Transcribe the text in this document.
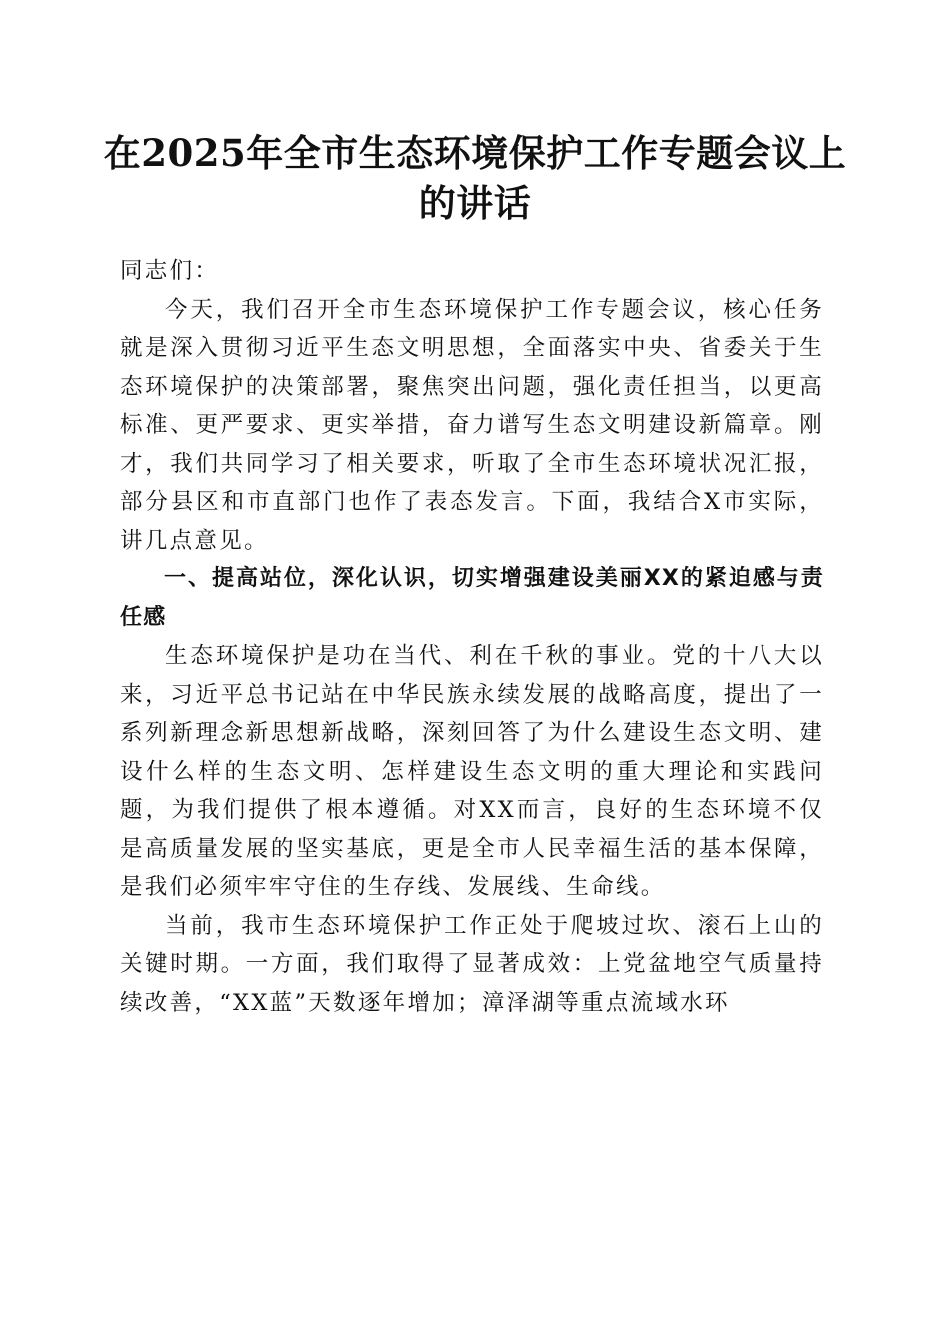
在2025年全市生态环境保护工作专题会议上
的讲话

同志们：

今天，我们召开全市生态环境保护工作专题会议，核心任务就是深入贯彻习近平生态文明思想，全面落实中央、省委关于生态环境保护的决策部署，聚焦突出问题，强化责任担当，以更高标准、更严要求、更实举措，奋力谱写生态文明建设新篇章。刚才，我们共同学习了相关要求，听取了全市生态环境状况汇报，部分县区和市直部门也作了表态发言。下面，我结合X市实际，讲几点意见。

一、提高站位，深化认识，切实增强建设美丽XX的紧迫感与责任感

生态环境保护是功在当代、利在千秋的事业。党的十八大以来，习近平总书记站在中华民族永续发展的战略高度，提出了一系列新理念新思想新战略，深刻回答了为什么建设生态文明、建设什么样的生态文明、怎样建设生态文明的重大理论和实践问题，为我们提供了根本遵循。对XX而言，良好的生态环境不仅是高质量发展的坚实基底，更是全市人民幸福生活的基本保障，是我们必须牢牢守住的生存线、发展线、生命线。

当前，我市生态环境保护工作正处于爬坡过坎、滚石上山的关键时期。一方面，我们取得了显著成效：上党盆地空气质量持续改善，“XX蓝”天数逐年增加；漳泽湖等重点流域水环
